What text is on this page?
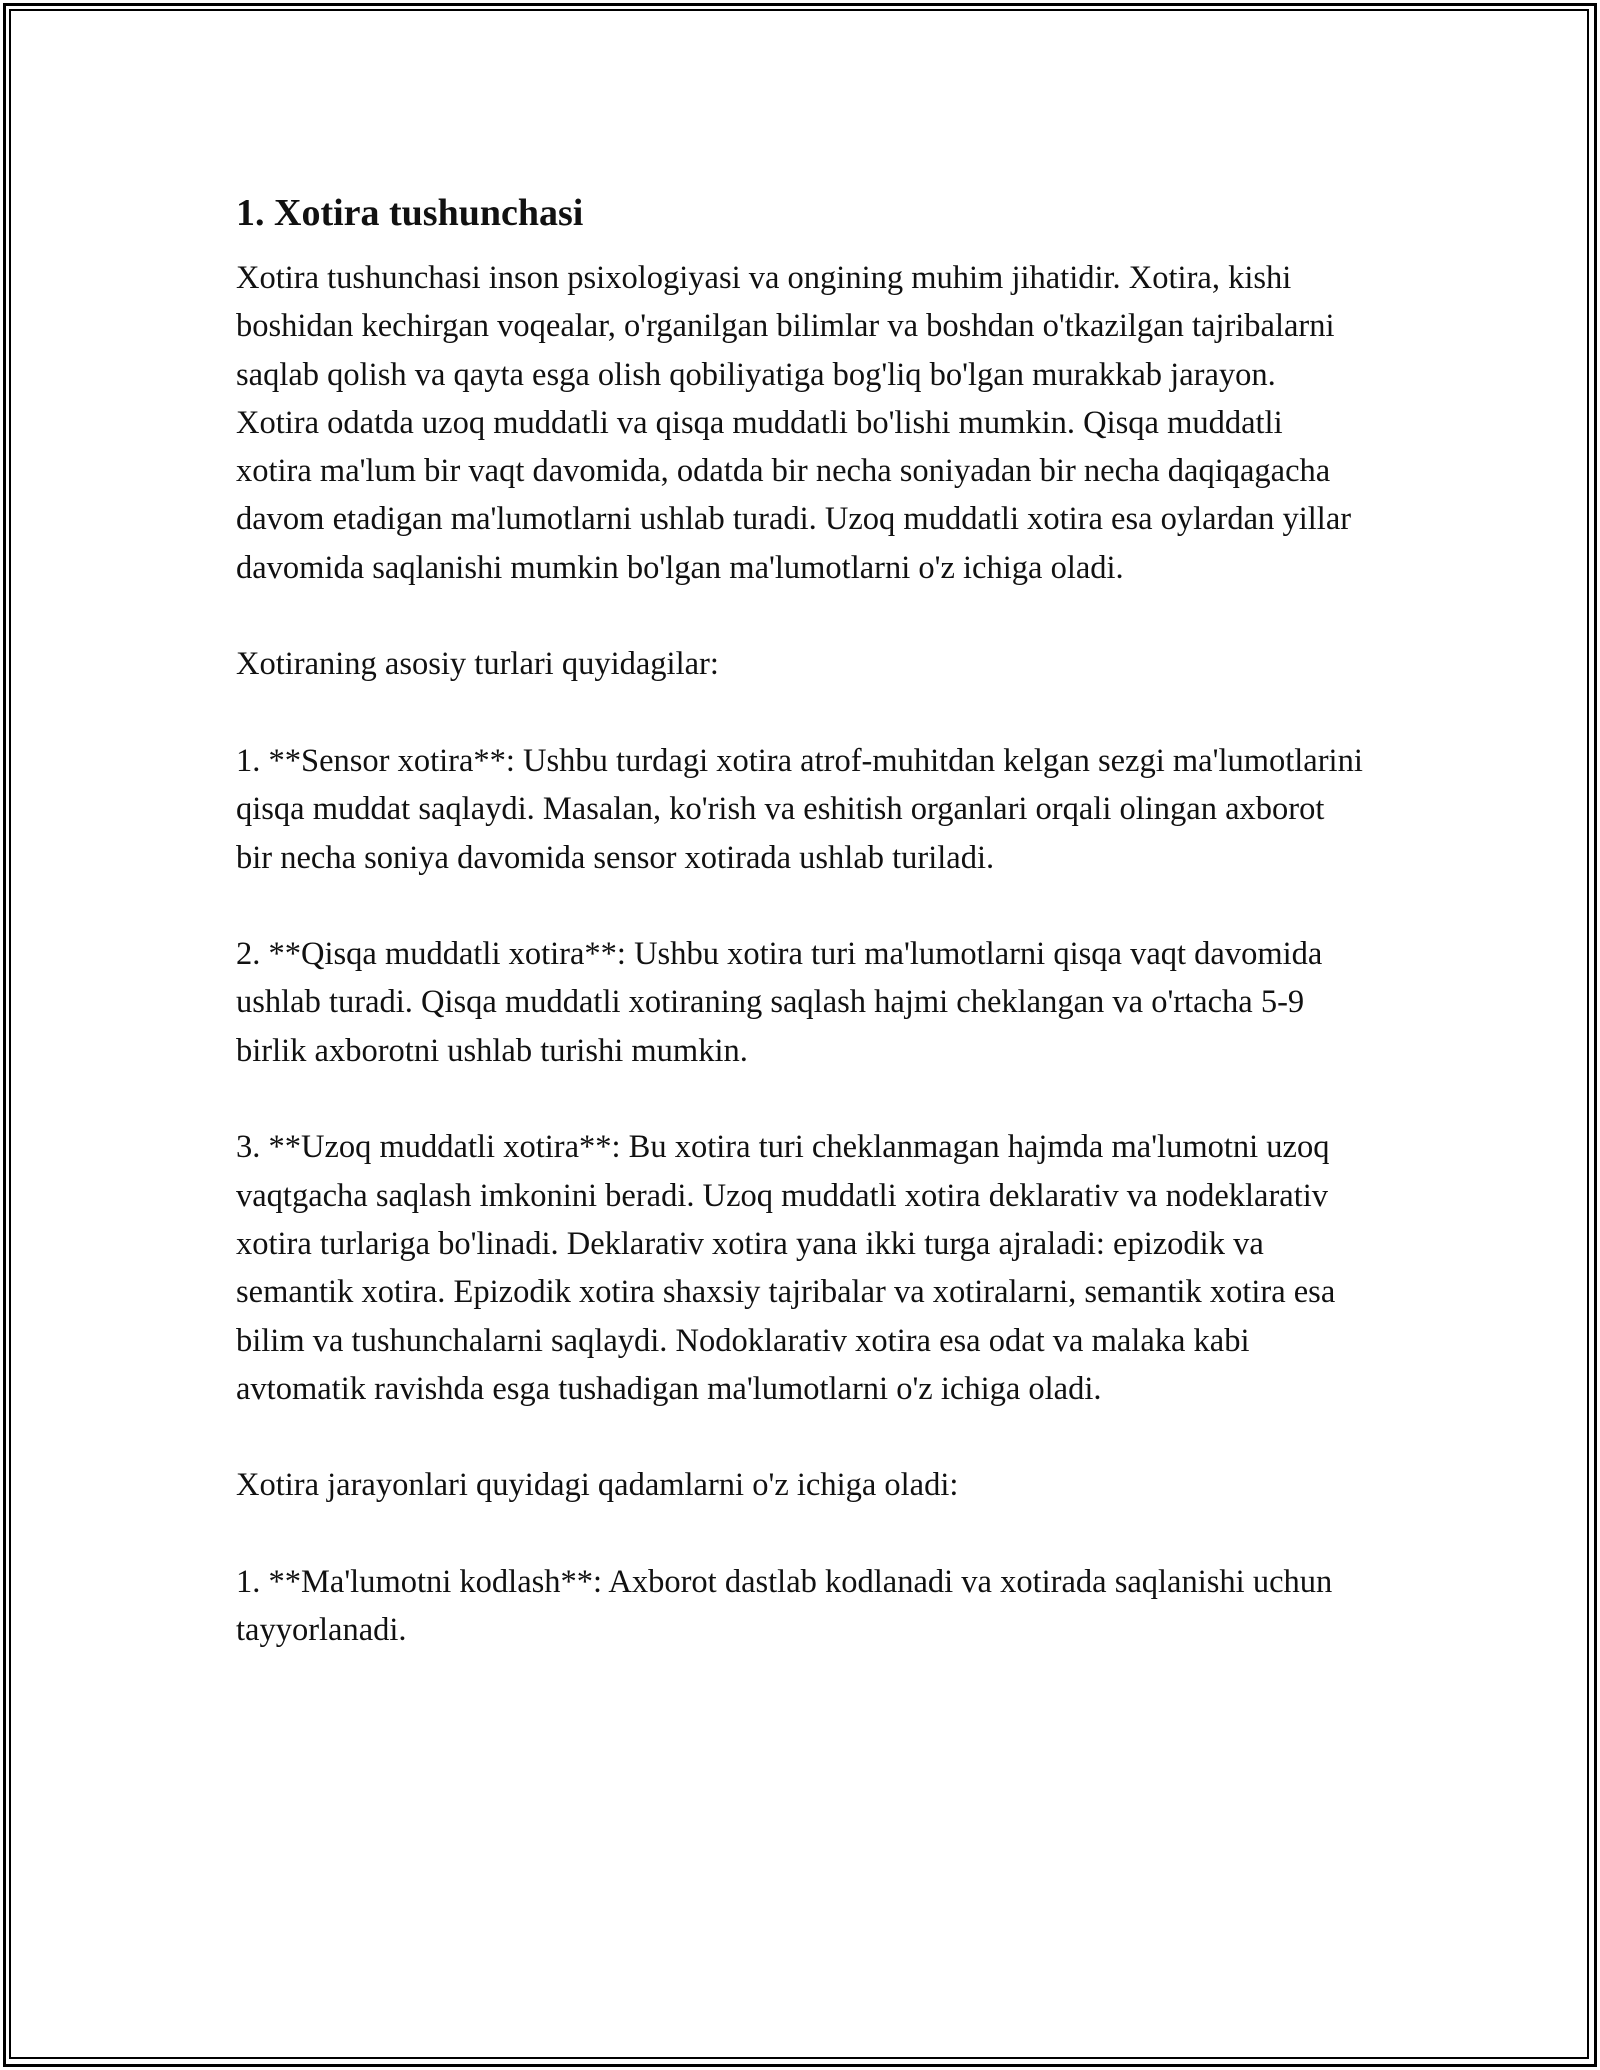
1. Xotira tushunchasi

Xotira tushunchasi inson psixologiyasi va ongining muhim jihatidir. Xotira, kishi boshidan kechirgan voqealar, o'rganilgan bilimlar va boshdan o'tkazilgan tajribalarni saqlab qolish va qayta esga olish qobiliyatiga bog'liq bo'lgan murakkab jarayon. Xotira odatda uzoq muddatli va qisqa muddatli bo'lishi mumkin. Qisqa muddatli xotira ma'lum bir vaqt davomida, odatda bir necha soniyadan bir necha daqiqagacha davom etadigan ma'lumotlarni ushlab turadi. Uzoq muddatli xotira esa oylardan yillar davomida saqlanishi mumkin bo'lgan ma'lumotlarni o'z ichiga oladi.

Xotiraning asosiy turlari quyidagilar:

1. **Sensor xotira**: Ushbu turdagi xotira atrof-muhitdan kelgan sezgi ma'lumotlarini qisqa muddat saqlaydi. Masalan, ko'rish va eshitish organlari orqali olingan axborot bir necha soniya davomida sensor xotirada ushlab turiladi.

2. **Qisqa muddatli xotira**: Ushbu xotira turi ma'lumotlarni qisqa vaqt davomida ushlab turadi. Qisqa muddatli xotiraning saqlash hajmi cheklangan va o'rtacha 5-9 birlik axborotni ushlab turishi mumkin.

3. **Uzoq muddatli xotira**: Bu xotira turi cheklanmagan hajmda ma'lumotni uzoq vaqtgacha saqlash imkonini beradi. Uzoq muddatli xotira deklarativ va nodeklarativ xotira turlariga bo'linadi. Deklarativ xotira yana ikki turga ajraladi: epizodik va semantik xotira. Epizodik xotira shaxsiy tajribalar va xotiralarni, semantik xotira esa bilim va tushunchalarni saqlaydi. Nodoklarativ xotira esa odat va malaka kabi avtomatik ravishda esga tushadigan ma'lumotlarni o'z ichiga oladi.

Xotira jarayonlari quyidagi qadamlarni o'z ichiga oladi:

1. **Ma'lumotni kodlash**: Axborot dastlab kodlanadi va xotirada saqlanishi uchun tayyorlanadi.
